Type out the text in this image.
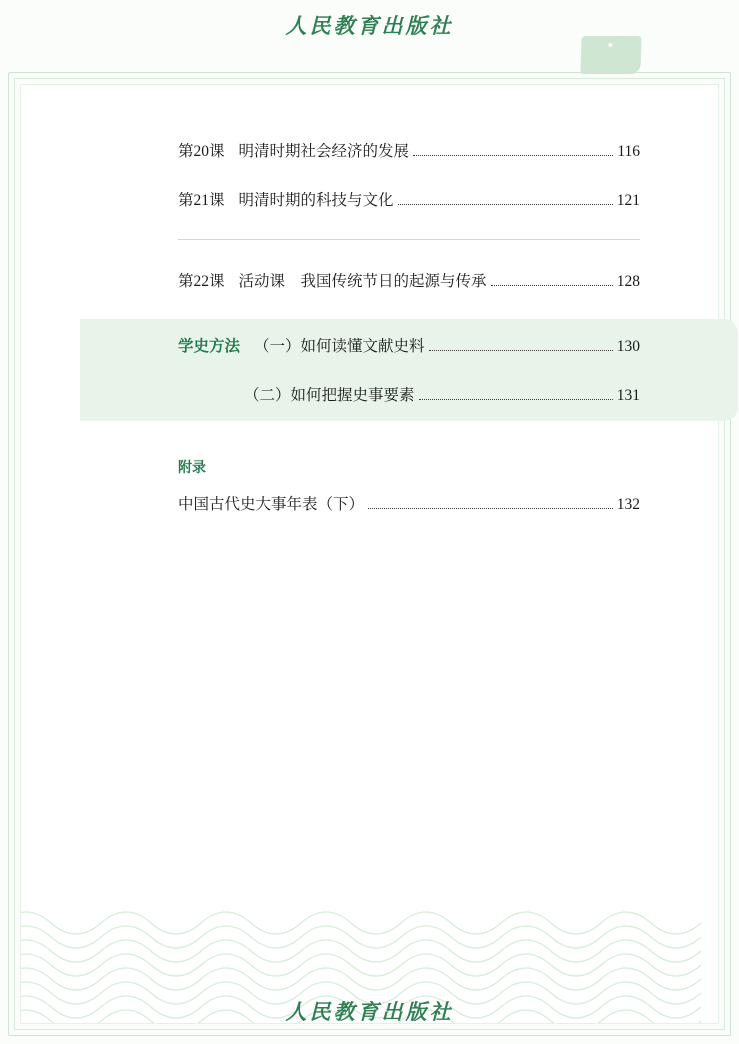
人民教育出版社
第20课 明清时期社会经济的发展	116
第21课 明清时期的科技与文化	121
第22课 活动课　我国传统节日的起源与传承	128
学史方法 （一）如何读懂文献史料	130
（二）如何把握史事要素	131
附录
中国古代史大事年表（下）	132
人民教育出版社
